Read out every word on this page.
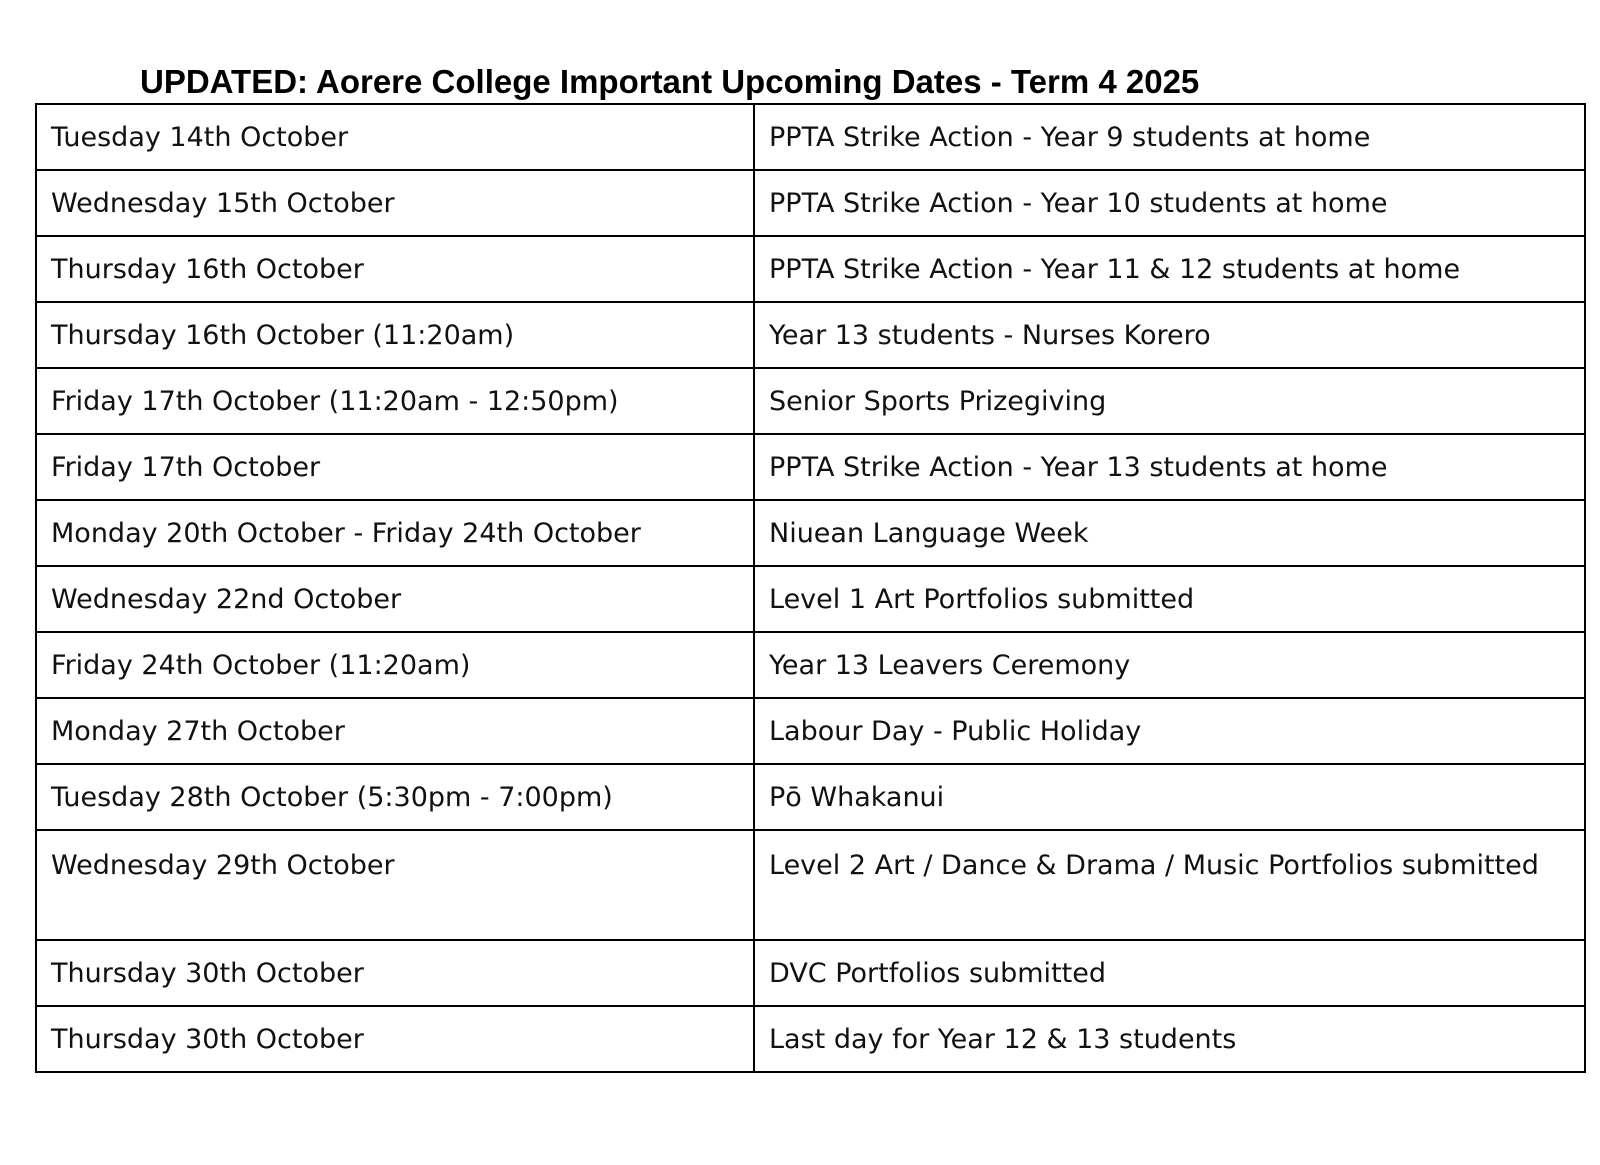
UPDATED: Aorere College Important Upcoming Dates - Term 4 2025
Tuesday 14th October	PPTA Strike Action - Year 9 students at home
Wednesday 15th October	PPTA Strike Action - Year 10 students at home
Thursday 16th October	PPTA Strike Action - Year 11 & 12 students at home
Thursday 16th October (11:20am)	Year 13 students - Nurses Korero
Friday 17th October (11:20am - 12:50pm)	Senior Sports Prizegiving
Friday 17th October	PPTA Strike Action - Year 13 students at home
Monday 20th October - Friday 24th October	Niuean Language Week
Wednesday 22nd October	Level 1 Art Portfolios submitted
Friday 24th October (11:20am)	Year 13 Leavers Ceremony
Monday 27th October	Labour Day - Public Holiday
Tuesday 28th October (5:30pm - 7:00pm)	Pō Whakanui
Wednesday 29th October	Level 2 Art / Dance & Drama / Music Portfolios submitted
Thursday 30th October	DVC Portfolios submitted
Thursday 30th October	Last day for Year 12 & 13 students
